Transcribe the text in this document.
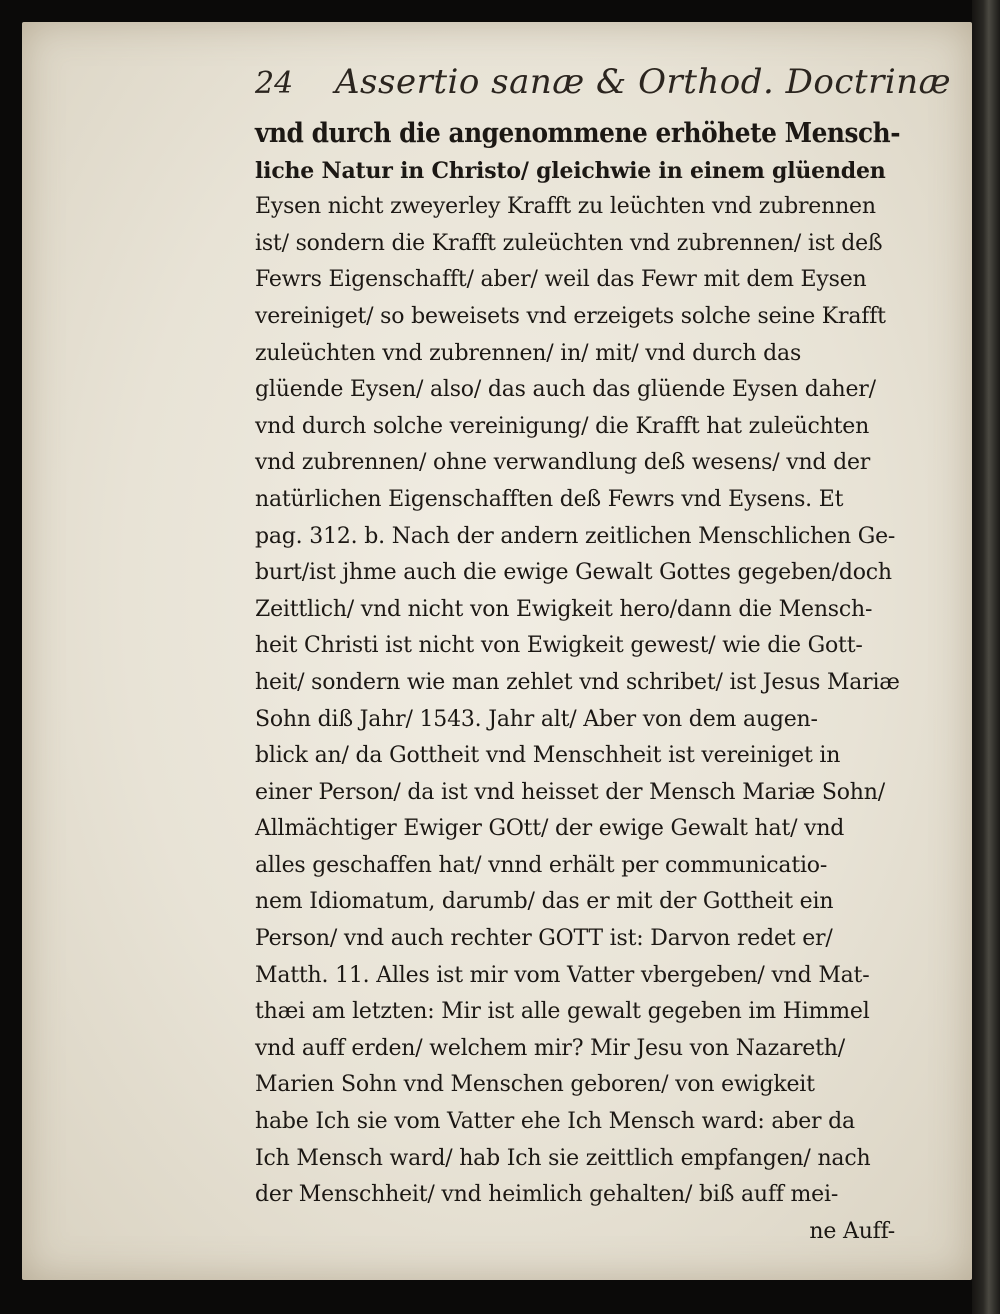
24 Assertio sanæ & Orthod. Doctrinæ
vnd durch die angenommene erhöhete Mensch-
liche Natur in Christo/ gleichwie in einem glüenden
Eysen nicht zweyerley Krafft zu leüchten vnd zubrennen
ist/ sondern die Krafft zuleüchten vnd zubrennen/ ist deß
Fewrs Eigenschafft/ aber/ weil das Fewr mit dem Eysen
vereiniget/ so beweisets vnd erzeigets solche seine Krafft
zuleüchten vnd zubrennen/ in/ mit/ vnd durch das
glüende Eysen/ also/ das auch das glüende Eysen daher/
vnd durch solche vereinigung/ die Krafft hat zuleüchten
vnd zubrennen/ ohne verwandlung deß wesens/ vnd der
natürlichen Eigenschafften deß Fewrs vnd Eysens. Et
pag. 312. b. Nach der andern zeitlichen Menschlichen Ge-
burt/ist jhme auch die ewige Gewalt Gottes gegeben/doch
Zeittlich/ vnd nicht von Ewigkeit hero/dann die Mensch-
heit Christi ist nicht von Ewigkeit gewest/ wie die Gott-
heit/ sondern wie man zehlet vnd schribet/ ist Jesus Mariæ
Sohn diß Jahr/ 1543. Jahr alt/ Aber von dem augen-
blick an/ da Gottheit vnd Menschheit ist vereiniget in
einer Person/ da ist vnd heisset der Mensch Mariæ Sohn/
Allmächtiger Ewiger GOtt/ der ewige Gewalt hat/ vnd
alles geschaffen hat/ vnnd erhält per communicatio-
nem Idiomatum, darumb/ das er mit der Gottheit ein
Person/ vnd auch rechter GOTT ist: Darvon redet er/
Matth. 11. Alles ist mir vom Vatter vbergeben/ vnd Mat-
thæi am letzten: Mir ist alle gewalt gegeben im Himmel
vnd auff erden/ welchem mir? Mir Jesu von Nazareth/
Marien Sohn vnd Menschen geboren/ von ewigkeit
habe Ich sie vom Vatter ehe Ich Mensch ward: aber da
Ich Mensch ward/ hab Ich sie zeittlich empfangen/ nach
der Menschheit/ vnd heimlich gehalten/ biß auff mei-
ne Auff-
